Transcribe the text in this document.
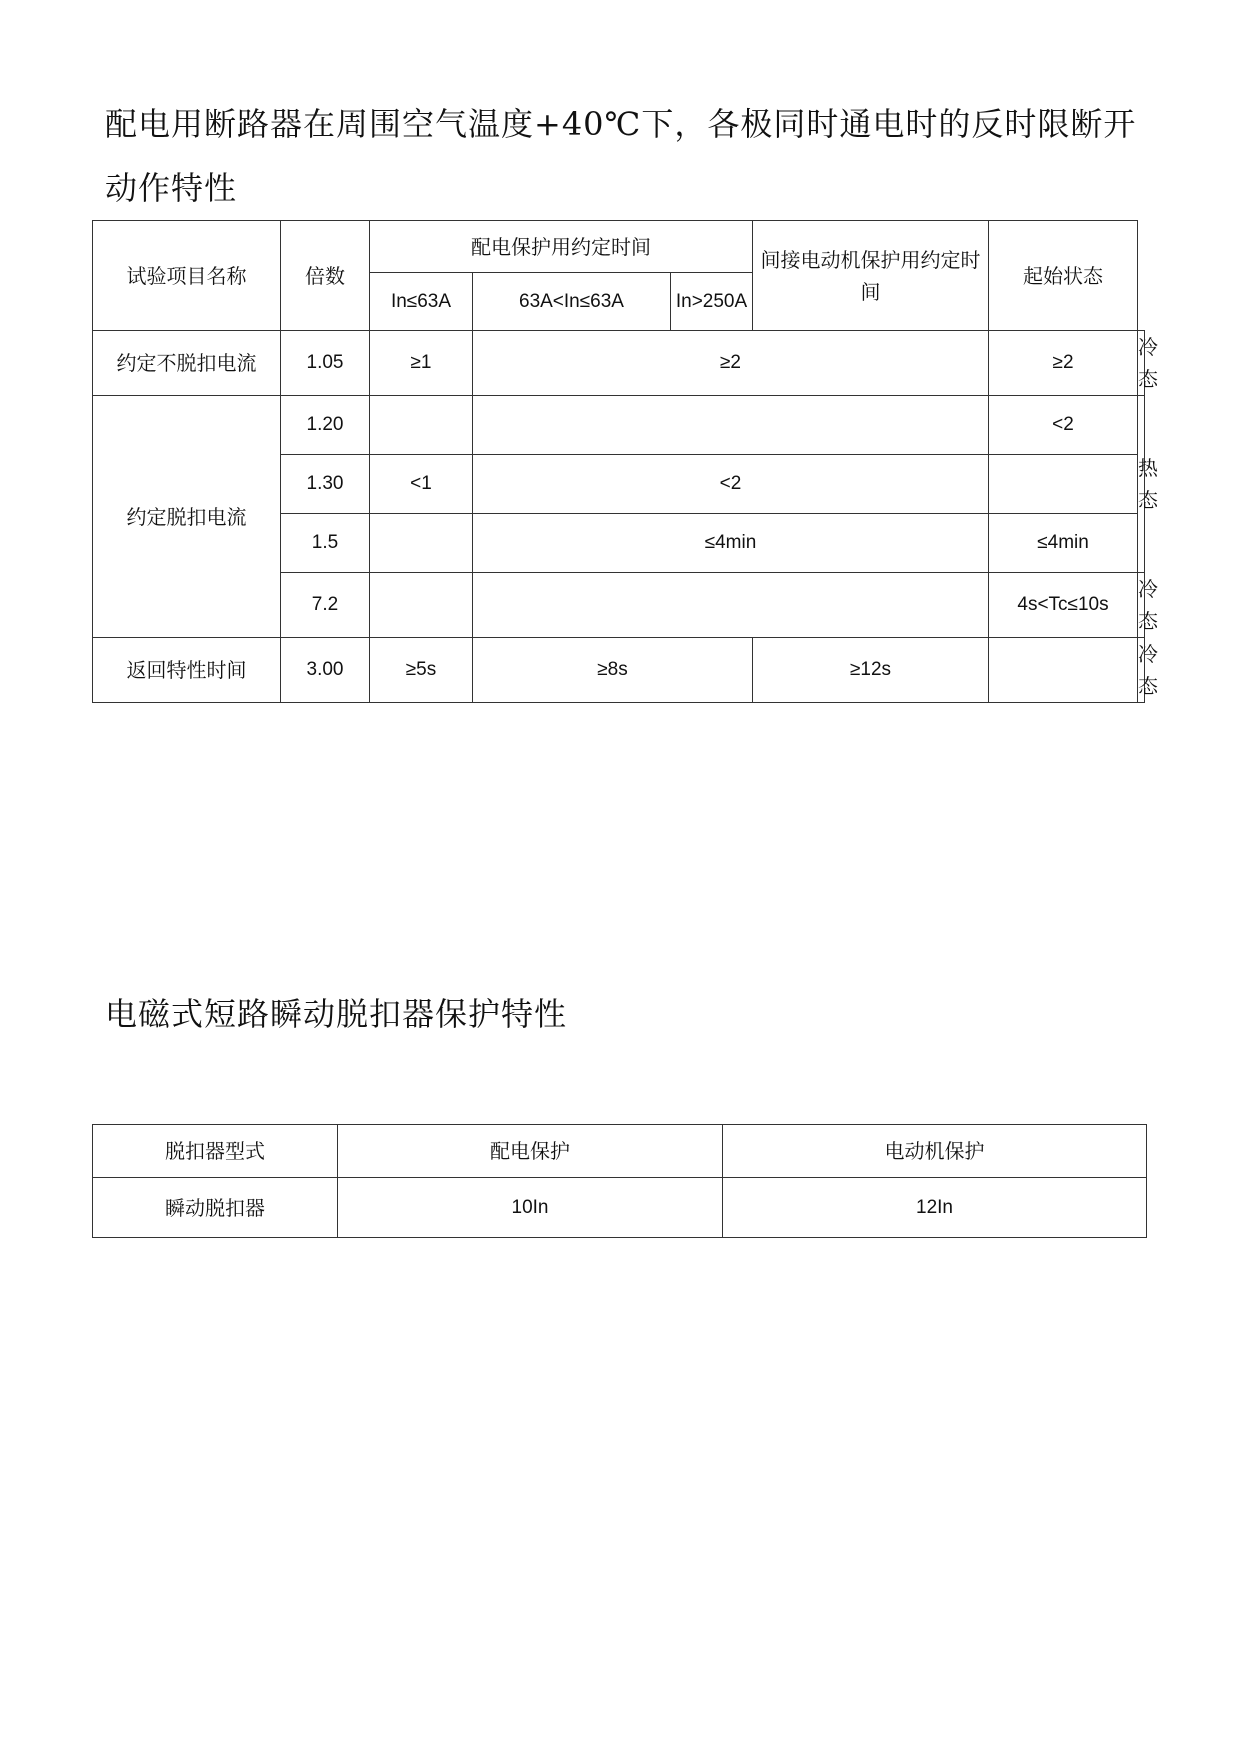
配电用断路器在周围空气温度+40℃下，各极同时通电时的反时限断开动作特性
试验项目名称	倍数	配电保护用约定时间			间接电动机保护用约定时间	起始状态	
		In≤63A	63A<In≤63A	In>250A			
约定不脱扣电流	1.05	≥1	≥2			≥2	冷态
约定脱扣电流	1.20					<2	热态
	1.30	<1	<2				
	1.5		≤4min			≤4min	
	7.2					4s<Tc≤10s	冷态
返回特性时间	3.00	≥5s	≥8s		≥12s		冷态
电磁式短路瞬动脱扣器保护特性
脱扣器型式	配电保护	电动机保护
瞬动脱扣器	10In	12In
